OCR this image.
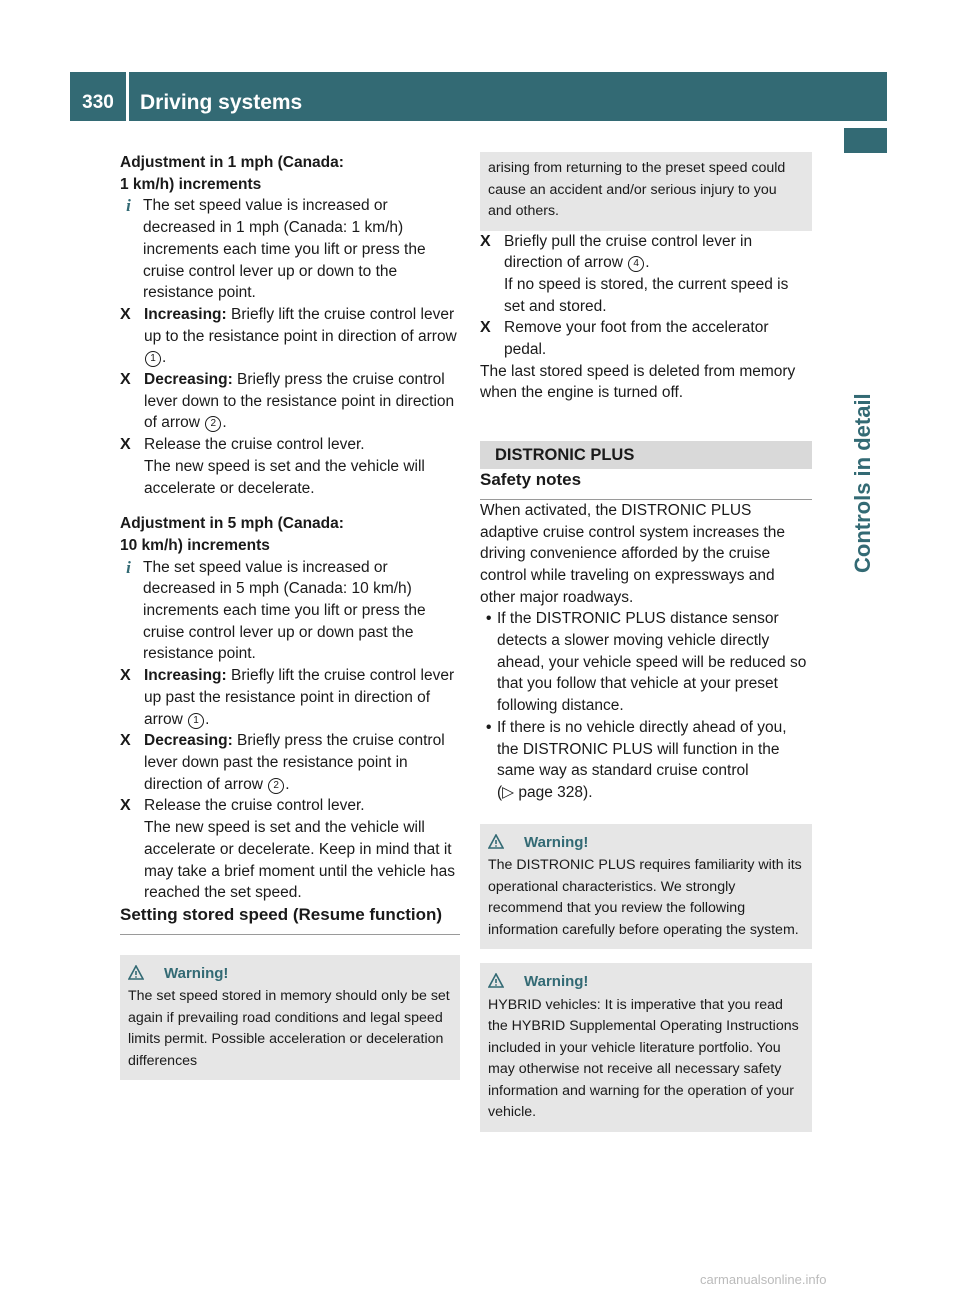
330	Driving systems
Controls in detail

Adjustment in 1 mph (Canada:
1 km/h) increments

i The set speed value is increased or decreased in 1 mph (Canada: 1 km/h) increments each time you lift or press the cruise control lever up or down to the resistance point.

X Increasing: Briefly lift the cruise control lever up to the resistance point in direction of arrow 1 .

X Decreasing: Briefly press the cruise control lever down to the resistance point in direction of arrow 2 .

X Release the cruise control lever.
The new speed is set and the vehicle will accelerate or decelerate.

Adjustment in 5 mph (Canada:
10 km/h) increments

i The set speed value is increased or decreased in 5 mph (Canada: 10 km/h) increments each time you lift or press the cruise control lever up or down past the resistance point.

X Increasing: Briefly lift the cruise control lever up past the resistance point in direction of arrow 1 .

X Decreasing: Briefly press the cruise control lever down past the resistance point in direction of arrow 2 .

X Release the cruise control lever.
The new speed is set and the vehicle will accelerate or decelerate. Keep in mind that it may take a brief moment until the vehicle has reached the set speed.

Setting stored speed (Resume function)

Warning!
The set speed stored in memory should only be set again if prevailing road conditions and legal speed limits permit. Possible acceleration or deceleration differences
arising from returning to the preset speed could cause an accident and/or serious injury to you and others.

X Briefly pull the cruise control lever in direction of arrow 4 .
If no speed is stored, the current speed is set and stored.

X Remove your foot from the accelerator pedal.

The last stored speed is deleted from memory when the engine is turned off.

DISTRONIC PLUS

Safety notes

When activated, the DISTRONIC PLUS adaptive cruise control system increases the driving convenience afforded by the cruise control while traveling on expressways and other major roadways.

• If the DISTRONIC PLUS distance sensor detects a slower moving vehicle directly ahead, your vehicle speed will be reduced so that you follow that vehicle at your preset following distance.

• If there is no vehicle directly ahead of you, the DISTRONIC PLUS will function in the same way as standard cruise control
(▷ page 328).

Warning!
The DISTRONIC PLUS requires familiarity with its operational characteristics. We strongly recommend that you review the following information carefully before operating the system.
Warning!
HYBRID vehicles: It is imperative that you read the HYBRID Supplemental Operating Instructions included in your vehicle literature portfolio. You may otherwise not receive all necessary safety information and warning for the operation of your vehicle.
carmanualsonline.info
